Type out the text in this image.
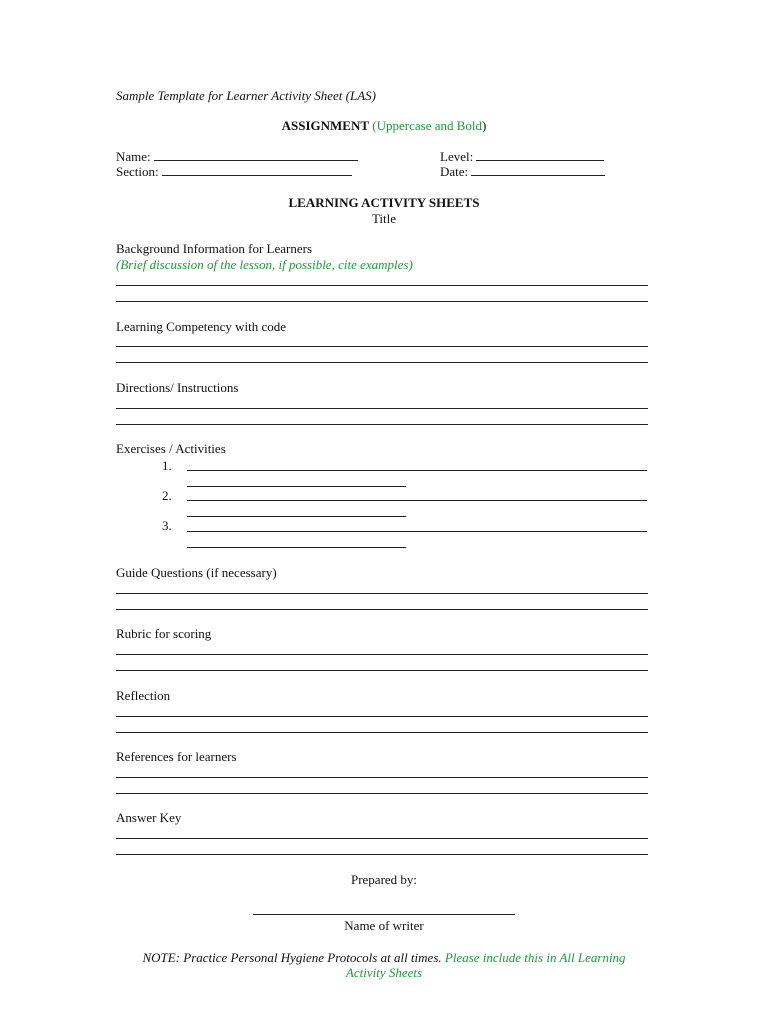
Sample Template for Learner Activity Sheet (LAS)
ASSIGNMENT (Uppercase and Bold)
Name:	Level:
Section:	Date:
LEARNING ACTIVITY SHEETS
Title
Background Information for Learners
(Brief discussion of the lesson, if possible, cite examples)
Learning Competency with code
Directions/ Instructions
Exercises / Activities
1.
2.
3.
Guide Questions (if necessary)
Rubric for scoring
Reflection
References for learners
Answer Key
Prepared by:
Name of writer
NOTE: Practice Personal Hygiene Protocols at all times. Please include this in All Learning
Activity Sheets
